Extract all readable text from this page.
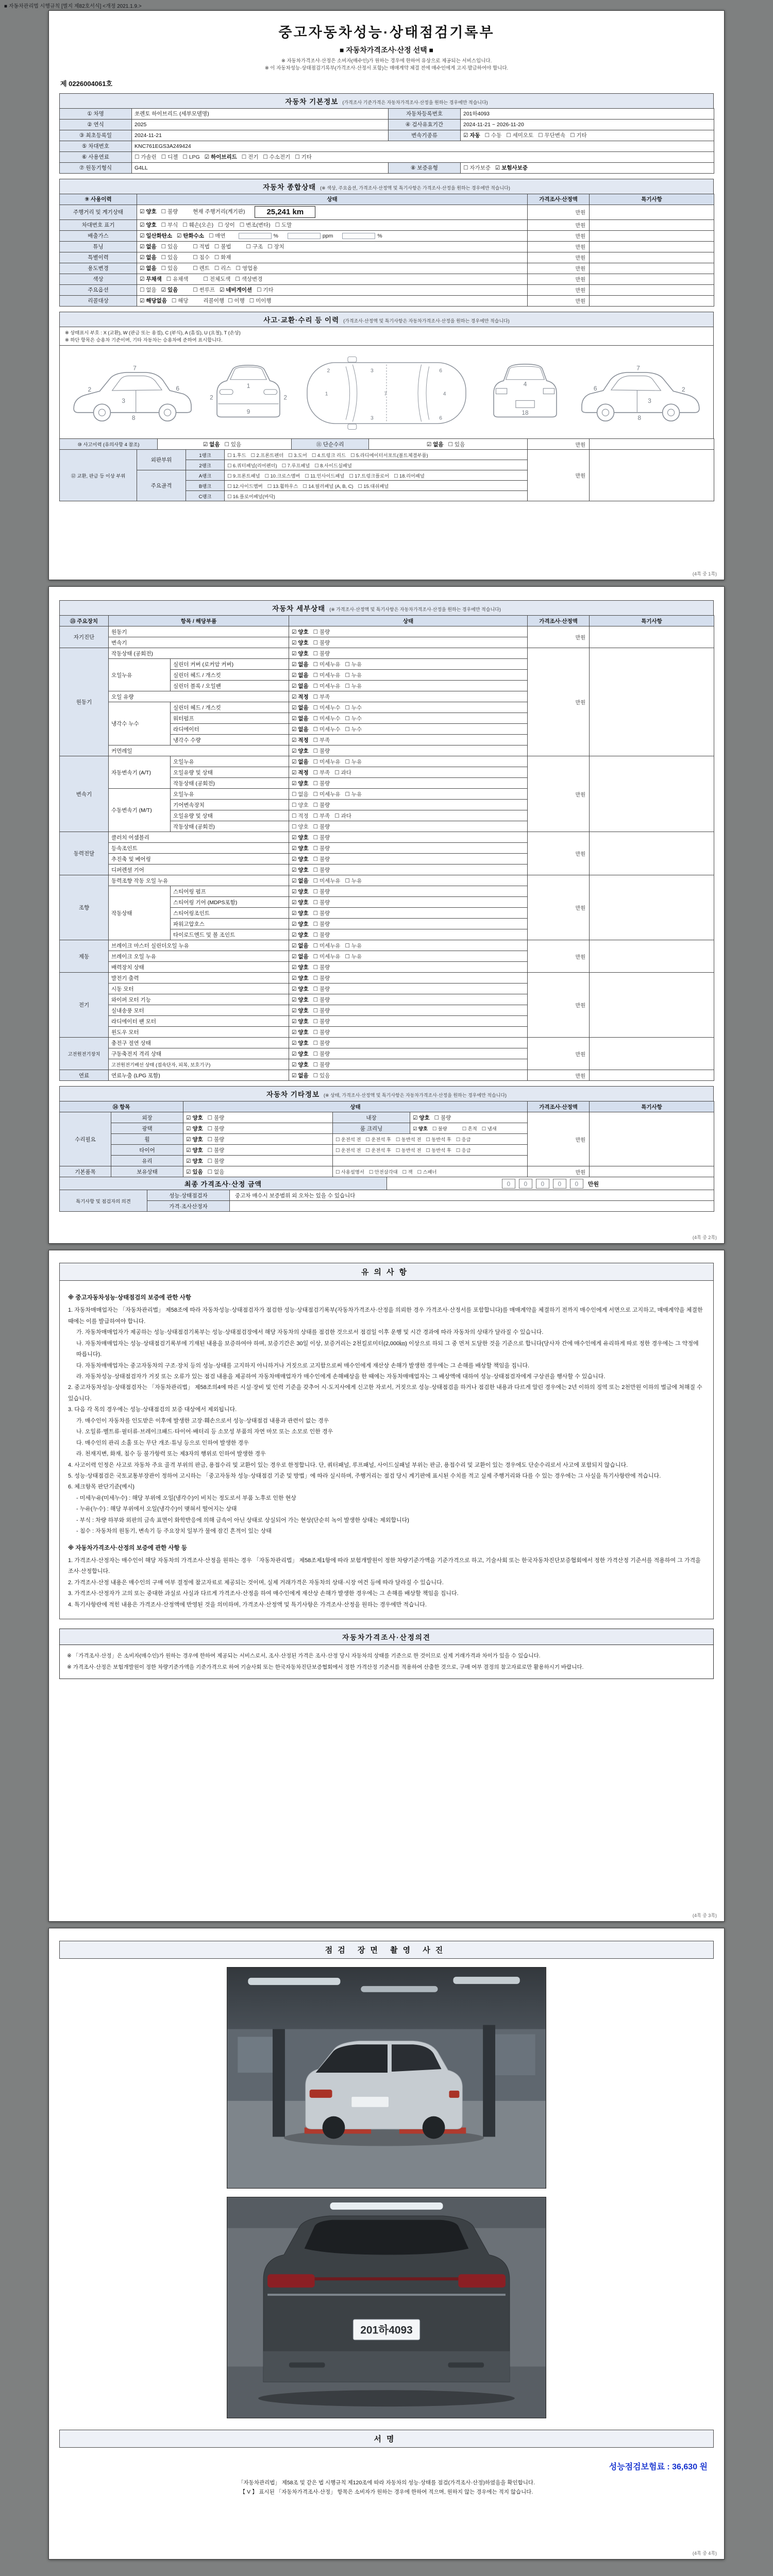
■ 자동차관리법 시행규칙 [별지 제82호서식] <개정 2021.1.9.>
중고자동차성능·상태점검기록부
■ 자동차가격조사·산정 선택 ■
※ 자동차가격조사·산정은 소비자(매수인)가 원하는 경우에 한하여 유상으로 제공되는 서비스입니다.
※ 이 자동차성능·상태점검기록부(가격조사·산정서 포함)는 매매계약 체결 전에 매수인에게 고지·발급하여야 합니다.
제 0226004061호
자동차 기본정보 (가격조사 기준가격은 자동차가격조사·산정을 원하는 경우에만 적습니다)
① 차명	쏘렌토 하이브리드 (세부모델명)	자동차등록번호	201하4093
② 연식	2025	④ 검사유효기간	2024-11-21 ~ 2026-11-20
③ 최초등록일	2024-11-21	변속기종류	☑ 자동 ☐ 수동 ☐ 세미오토 ☐ 무단변속 ☐ 기타
⑤ 차대번호	KNC761EGS3A249424		
⑥ 사용연료	☐ 가솔린 ☐ 디젤 ☐ LPG ☑ 하이브리드 ☐ 전기 ☐ 수소전기 ☐ 기타		
⑦ 원동기형식	G4LL	⑧ 보증유형	☐ 자가보증 ☑ 보험사보증
자동차 종합상태 (※ 색상, 주요옵션, 가격조사·산정액 및 특기사항은 가격조사·산정을 원하는 경우에만 적습니다)
⑨ 사용이력	상태	가격조사·산정액	특기사항
주행거리 및 계기상태	☑ 양호 ☐ 불량 현재 주행거리(계기판) 25,241 km	만원	
차대번호 표기	☑ 양호 ☐ 부식 ☐ 훼손(오손) ☐ 상이 ☐ 변조(변타) ☐ 도말	만원	
배출가스	☑ 일산화탄소 ☑ 탄화수소 ☐ 매연 % ppm %	만원	
튜닝	☑ 없음 ☐ 있음 ☐ 적법 ☐ 불법 ☐ 구조 ☐ 장치	만원	
특별이력	☑ 없음 ☐ 있음 ☐ 침수 ☐ 화재	만원	
용도변경	☑ 없음 ☐ 있음 ☐ 렌트 ☐ 리스 ☐ 영업용	만원	
색상	☑ 무채색 ☐ 유채색 ☐ 전체도색 ☐ 색상변경	만원	
주요옵션	☐ 없음 ☑ 있음 ☐ 썬루프 ☑ 네비게이션 ☐ 기타	만원	
리콜대상	☑ 해당없음 ☐ 해당 리콜이행 ☐ 이행 ☐ 미이행	만원	
사고·교환·수리 등 이력 (가격조사·산정액 및 특기사항은 자동차가격조사·산정을 원하는 경우에만 적습니다)
※ 상태표시 부호 : X (교환), W (판금 또는 용접), C (부식), A (흠집), U (요철), T (손상)
※ 하단 항목은 승용차 기준이며, 기타 자동차는 승용차에 준하여 표시합니다.
3
2
7
8
6	1
9
2	2	1	7	4
3
3
2	6
6
4
18
3
2
7
8
6
⑩ 사고이력 (유의사항 4 참조)	☑ 없음 ☐ 있음	⑪ 단순수리	☑ 없음 ☐ 있음	만원	
⑫ 교환, 판금 등 이상 부위	외판부위	1랭크	☐ 1.후드 ☐ 2.프론트펜더 ☐ 3.도어 ☐ 4.트렁크 리드 ☐ 5.라디에이터서포트(볼트체결부품)	만원	
		2랭크	☐ 6.쿼터패널(리어펜더) ☐ 7.루프패널 ☐ 8.사이드실패널		
	주요골격	A랭크	☐ 9.프론트패널 ☐ 10.크로스멤버 ☐ 11.인사이드패널 ☐ 17.트렁크플로어 ☐ 18.리어패널		
		B랭크	☐ 12.사이드멤버 ☐ 13.휠하우스 ☐ 14.필러패널 (A, B, C) ☐ 15.대쉬패널		
		C랭크	☐ 16.플로어패널(바닥)		
(4쪽 중 1쪽)
자동차 세부상태 (※ 가격조사·산정액 및 특기사항은 자동차가격조사·산정을 원하는 경우에만 적습니다)
⑬ 주요장치	항목 / 해당부품		상태	가격조사·산정액	특기사항
자기진단	원동기		☑ 양호 ☐ 불량	만원	
	변속기		☑ 양호 ☐ 불량		
원동기	작동상태 (공회전)		☑ 양호 ☐ 불량	만원	
	오일누유	실린더 커버 (로커암 커버)	☑ 없음 ☐ 미세누유 ☐ 누유		
		실린더 헤드 / 개스킷	☑ 없음 ☐ 미세누유 ☐ 누유		
		실린더 블록 / 오일팬	☑ 없음 ☐ 미세누유 ☐ 누유		
	오일 유량		☑ 적정 ☐ 부족		
	냉각수 누수	실린더 헤드 / 개스킷	☑ 없음 ☐ 미세누수 ☐ 누수		
		워터펌프	☑ 없음 ☐ 미세누수 ☐ 누수		
		라디에이터	☑ 없음 ☐ 미세누수 ☐ 누수		
		냉각수 수량	☑ 적정 ☐ 부족		
	커먼레일		☑ 양호 ☐ 불량		
변속기	자동변속기 (A/T)	오일누유	☑ 없음 ☐ 미세누유 ☐ 누유	만원	
		오일유량 및 상태	☑ 적정 ☐ 부족 ☐ 과다		
		작동상태 (공회전)	☑ 양호 ☐ 불량		
	수동변속기 (M/T)	오일누유	☐ 없음 ☐ 미세누유 ☐ 누유		
		기어변속장치	☐ 양호 ☐ 불량		
		오일유량 및 상태	☐ 적정 ☐ 부족 ☐ 과다		
		작동상태 (공회전)	☐ 양호 ☐ 불량		
동력전달	클러치 어셈블리		☑ 양호 ☐ 불량	만원	
	등속조인트		☑ 양호 ☐ 불량		
	추진축 및 베어링		☑ 양호 ☐ 불량		
	디퍼렌셜 기어		☑ 양호 ☐ 불량		
조향	동력조향 작동 오일 누유		☑ 없음 ☐ 미세누유 ☐ 누유	만원	
	작동상태	스티어링 펌프	☑ 양호 ☐ 불량		
		스티어링 기어 (MDPS포함)	☑ 양호 ☐ 불량		
		스티어링조인트	☑ 양호 ☐ 불량		
		파워고압호스	☑ 양호 ☐ 불량		
		타이로드엔드 및 볼 조인트	☑ 양호 ☐ 불량		
제동	브레이크 마스터 실린더오일 누유		☑ 없음 ☐ 미세누유 ☐ 누유	만원	
	브레이크 오일 누유		☑ 없음 ☐ 미세누유 ☐ 누유		
	배력장치 상태		☑ 양호 ☐ 불량		
전기	발전기 출력		☑ 양호 ☐ 불량	만원	
	시동 모터		☑ 양호 ☐ 불량		
	와이퍼 모터 기능		☑ 양호 ☐ 불량		
	실내송풍 모터		☑ 양호 ☐ 불량		
	라디에이터 팬 모터		☑ 양호 ☐ 불량		
	윈도우 모터		☑ 양호 ☐ 불량		
고전원전기장치	충전구 절연 상태		☑ 양호 ☐ 불량	만원	
	구동축전지 격리 상태		☑ 양호 ☐ 불량		
	고전원전기배선 상태 (접속단자, 피복, 보호기구)		☑ 양호 ☐ 불량		
연료	연료누출 (LPG 포함)		☑ 없음 ☐ 있음	만원	
자동차 기타정보 (※ 상태, 가격조사·산정액 및 특기사항은 자동차가격조사·산정을 원하는 경우에만 적습니다)
⑭ 항목		상태			가격조사·산정액	특기사항
수리필요	외장	☑ 양호 ☐ 불량	내장	☑ 양호 ☐ 불량	만원	
	광택	☑ 양호 ☐ 불량	룸 크리닝	☑ 양호 ☐ 불량 ☐ 흔적 ☐ 냄새		
	휠	☑ 양호 ☐ 불량	☐ 운전석 전 ☐ 운전석 후 ☐ 동반석 전 ☐ 동반석 후 ☐ 응급			
	타이어	☑ 양호 ☐ 불량	☐ 운전석 전 ☐ 운전석 후 ☐ 동반석 전 ☐ 동반석 후 ☐ 응급			
	유리	☑ 양호 ☐ 불량				
기본품목	보유상태	☑ 있음 ☐ 없음	☐ 사용설명서 ☐ 안전삼각대 ☐ 잭 ☐ 스패너		만원	
최종 가격조사·산정 금액	0 0 0 0 0 만원
특기사항 및 점검자의 의견	성능·상태점검자	중고차 매수시 보증범위 외 오차는 있을 수 있습니다
	가격·조사산정자	
(4쪽 중 2쪽)
유의사항
※ 중고자동차성능·상태점검의 보증에 관한 사항
1. 자동차매매업자는 「자동차관리법」 제58조에 따라 자동차성능·상태점검자가 점검한 성능·상태점검기록부(자동차가격조사·산정을 의뢰한 경우 가격조사·산정서를 포함합니다)를 매매계약을 체결하기 전까지 매수인에게 서면으로 고지하고, 매매계약을 체결한 때에는 이를 발급하여야 합니다.
가. 자동차매매업자가 제공하는 성능·상태점검기록부는 성능·상태점검장에서 해당 자동차의 상태를 점검한 것으로서 점검일 이후 운행 및 시간 경과에 따라 자동차의 상태가 달라질 수 있습니다.
나. 자동차매매업자는 성능·상태점검기록부에 기재된 내용을 보증하여야 하며, 보증기간은 30일 이상, 보증거리는 2천킬로미터(2,000㎞) 이상으로 하되 그 중 먼저 도달한 것을 기준으로 합니다(당사자 간에 매수인에게 유리하게 따로 정한 경우에는 그 약정에 따릅니다).
다. 자동차매매업자는 중고자동차의 구조·장치 등의 성능·상태를 고지하지 아니하거나 거짓으로 고지함으로써 매수인에게 재산상 손해가 발생한 경우에는 그 손해를 배상할 책임을 집니다.
라. 자동차성능·상태점검자가 거짓 또는 오류가 있는 점검 내용을 제공하여 자동차매매업자가 매수인에게 손해배상을 한 때에는 자동차매매업자는 그 배상액에 대하여 성능·상태점검자에게 구상권을 행사할 수 있습니다.
2. 중고자동차성능·상태점검자는 「자동차관리법」 제58조의4에 따른 시설·장비 및 인력 기준을 갖추어 시·도지사에게 신고한 자로서, 거짓으로 성능·상태점검을 하거나 점검한 내용과 다르게 알린 경우에는 2년 이하의 징역 또는 2천만원 이하의 벌금에 처해질 수 있습니다.
3. 다음 각 목의 경우에는 성능·상태점검의 보증 대상에서 제외됩니다.
가. 매수인이 자동차를 인도받은 이후에 발생한 고장·훼손으로서 성능·상태점검 내용과 관련이 없는 경우
나. 오일류·벨트류·필터류·브레이크패드·타이어·배터리 등 소모성 부품의 자연 마모 또는 소모로 인한 경우
다. 매수인의 관리 소홀 또는 무단 개조·튜닝 등으로 인하여 발생한 경우
라. 천재지변, 화재, 침수 등 불가항력 또는 제3자의 행위로 인하여 발생한 경우
4. 사고이력 인정은 사고로 자동차 주요 골격 부위의 판금, 용접수리 및 교환이 있는 경우로 한정합니다. 단, 쿼터패널, 루프패널, 사이드실패널 부위는 판금, 용접수리 및 교환이 있는 경우에도 단순수리로서 사고에 포함되지 않습니다.
5. 성능·상태점검은 국토교통부장관이 정하여 고시하는 「중고자동차 성능·상태점검 기준 및 방법」에 따라 실시하며, 주행거리는 점검 당시 계기판에 표시된 수치를 적고 실제 주행거리와 다를 수 있는 경우에는 그 사실을 특기사항란에 적습니다.
6. 체크항목 판단기준(예시)
- 미세누유(미세누수) : 해당 부위에 오일(냉각수)이 비치는 정도로서 부품 노후로 인한 현상
- 누유(누수) : 해당 부위에서 오일(냉각수)이 맺혀서 떨어지는 상태
- 부식 : 차량 하부와 외판의 금속 표면이 화학반응에 의해 금속이 아닌 상태로 상실되어 가는 현상(단순히 녹이 발생한 상태는 제외합니다)
- 침수 : 자동차의 원동기, 변속기 등 주요장치 일부가 물에 잠긴 흔적이 있는 상태
※ 자동차가격조사·산정의 보증에 관한 사항 등
1. 가격조사·산정자는 매수인이 해당 자동차의 가격조사·산정을 원하는 경우 「자동차관리법」 제58조제1항에 따라 보험개발원이 정한 차량기준가액을 기준가격으로 하고, 기술사회 또는 한국자동차진단보증협회에서 정한 가격산정 기준서를 적용하여 그 가격을 조사·산정합니다.
2. 가격조사·산정 내용은 매수인의 구매 여부 결정에 참고자료로 제공되는 것이며, 실제 거래가격은 자동차의 상태·시장 여건 등에 따라 달라질 수 있습니다.
3. 가격조사·산정자가 고의 또는 중대한 과실로 사실과 다르게 가격조사·산정을 하여 매수인에게 재산상 손해가 발생한 경우에는 그 손해를 배상할 책임을 집니다.
4. 특기사항란에 적힌 내용은 가격조사·산정액에 반영된 것을 의미하며, 가격조사·산정액 및 특기사항은 가격조사·산정을 원하는 경우에만 적습니다.
자동차가격조사·산정의견
※ 「가격조사·산정」은 소비자(매수인)가 원하는 경우에 한하여 제공되는 서비스로서, 조사·산정된 가격은 조사·산정 당시 자동차의 상태를 기준으로 한 것이므로 실제 거래가격과 차이가 있을 수 있습니다.
※ 가격조사·산정은 보험개발원이 정한 차량기준가액을 기준가격으로 하여 기술사회 또는 한국자동차진단보증협회에서 정한 가격산정 기준서를 적용하여 산출한 것으로, 구매 여부 결정의 참고자료로만 활용하시기 바랍니다.
(4쪽 중 3쪽)
점검 장면 촬영 사진
201하4093
서명
성능점검보험료 : 36,630 원
「자동차관리법」 제58조 및 같은 법 시행규칙 제120조에 따라 자동차의 성능·상태를 점검(가격조사·산정)하였음을 확인합니다.
【 V 】 표시된 「자동차가격조사·산정」 항목은 소비자가 원하는 경우에 한하여 적으며, 원하지 않는 경우에는 적지 않습니다.
(4쪽 중 4쪽)
